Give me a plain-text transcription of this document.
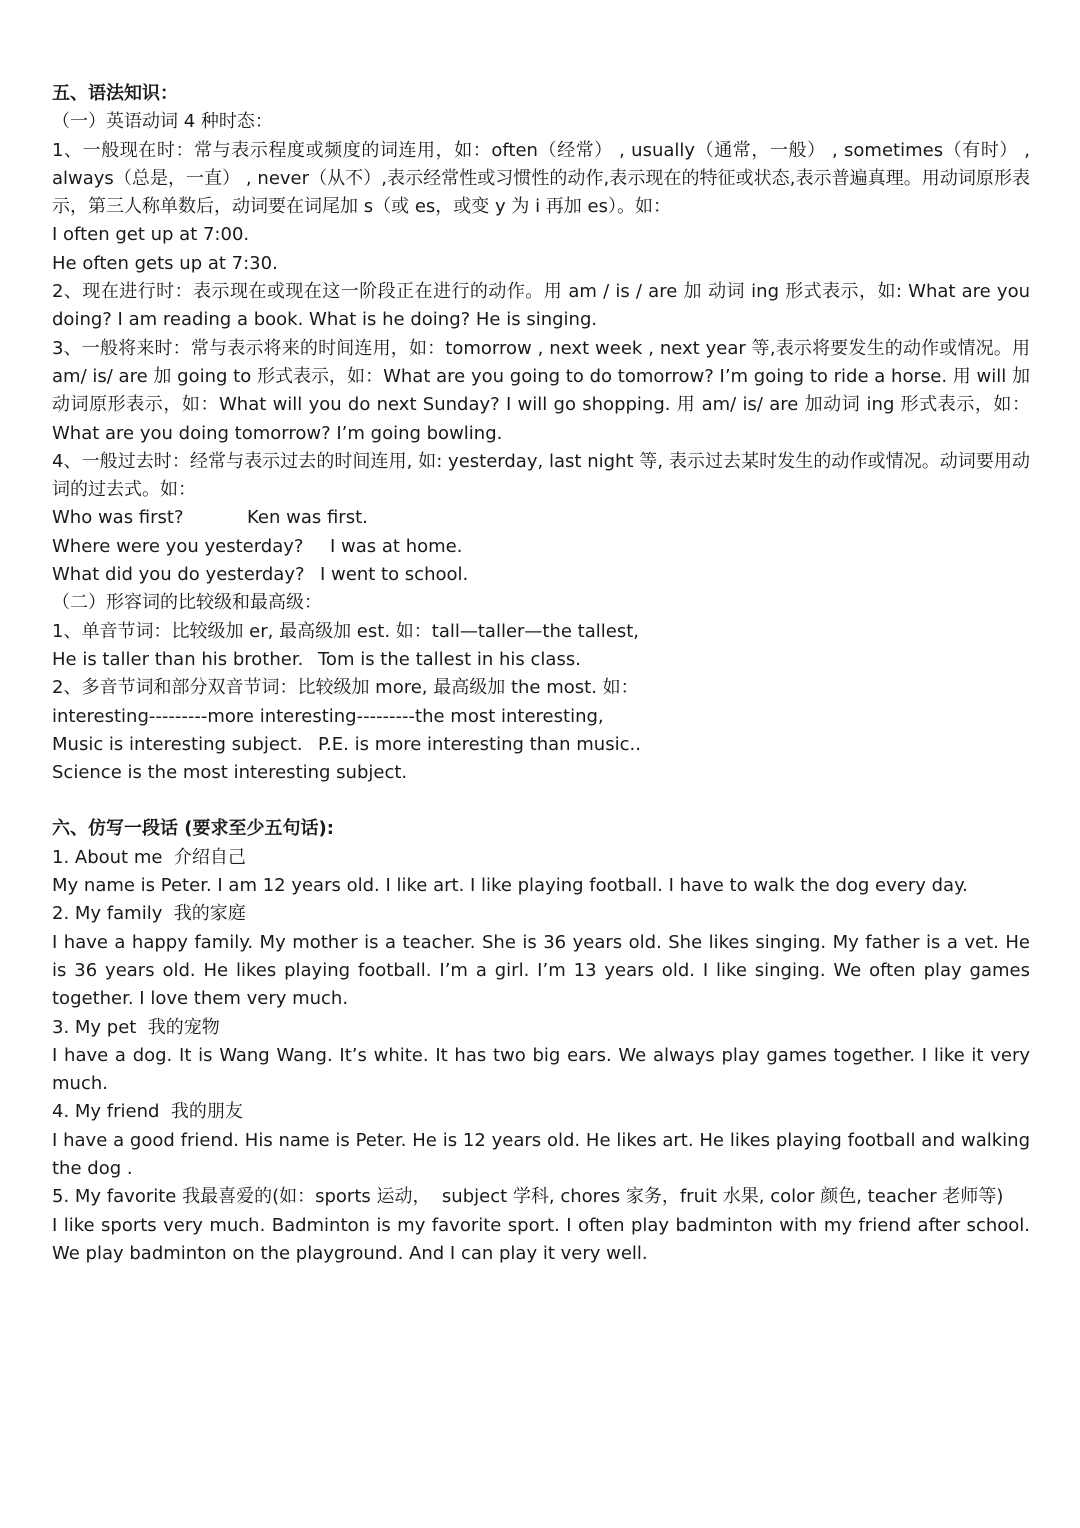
五、语法知识：
（一）英语动词 4 种时态：
1、一般现在时：常与表示程度或频度的词连用，如：often（经常） , usually（通常，一般） , sometimes（有时） , always（总是，一直） , never（从不）,表示经常性或习惯性的动作,表示现在的特征或状态,表示普遍真理。用动词原形表示，第三人称单数后，动词要在词尾加 s（或 es，或变 y 为 i 再加 es）。如：
I often get up at 7:00.
He often gets up at 7:30.
2、现在进行时：表示现在或现在这一阶段正在进行的动作。用 am / is / are 加 动词 ing 形式表示，如: What are you doing? I am reading a book. What is he doing? He is singing.
3、一般将来时：常与表示将来的时间连用，如：tomorrow , next week , next year 等,表示将要发生的动作或情况。用 am/ is/ are 加 going to 形式表示，如：What are you going to do tomorrow? I’m going to ride a horse. 用 will 加动词原形表示，如：What will you do next Sunday? I will go shopping. 用 am/ is/ are 加动词 ing 形式表示，如：What are you doing tomorrow? I’m going bowling.
4、一般过去时：经常与表示过去的时间连用, 如: yesterday, last night 等, 表示过去某时发生的动作或情况。动词要用动词的过去式。如：
Who was first?	Ken was first.
Where were you yesterday? I was at home.
What did you do yesterday? I went to school.
（二）形容词的比较级和最高级：
1、单音节词：比较级加 er, 最高级加 est. 如：tall—taller—the tallest,
He is taller than his brother. Tom is the tallest in his class.
2、多音节词和部分双音节词：比较级加 more, 最高级加 the most. 如：
interesting---------more interesting---------the most interesting,
Music is interesting subject. P.E. is more interesting than music..
Science is the most interesting subject.
六、仿写一段话 (要求至少五句话):
1. About me  介绍自己
My name is Peter. I am 12 years old. I like art. I like playing football. I have to walk the dog every day.
2. My family  我的家庭
I have a happy family. My mother is a teacher. She is 36 years old. She likes singing. My father is a vet. He is 36 years old. He likes playing football. I’m a girl. I’m 13 years old. I like singing. We often play games together. I love them very much.
3. My pet  我的宠物
I have a dog. It is Wang Wang. It’s white. It has two big ears. We always play games together. I like it very much.
4. My friend  我的朋友
I have a good friend. His name is Peter. He is 12 years old. He likes art. He likes playing football and walking the dog .
5. My favorite 我最喜爱的(如：sports 运动，  subject 学科, chores 家务，fruit 水果, color 颜色, teacher 老师等)
I like sports very much. Badminton is my favorite sport. I often play badminton with my friend after school. We play badminton on the playground. And I can play it very well.
